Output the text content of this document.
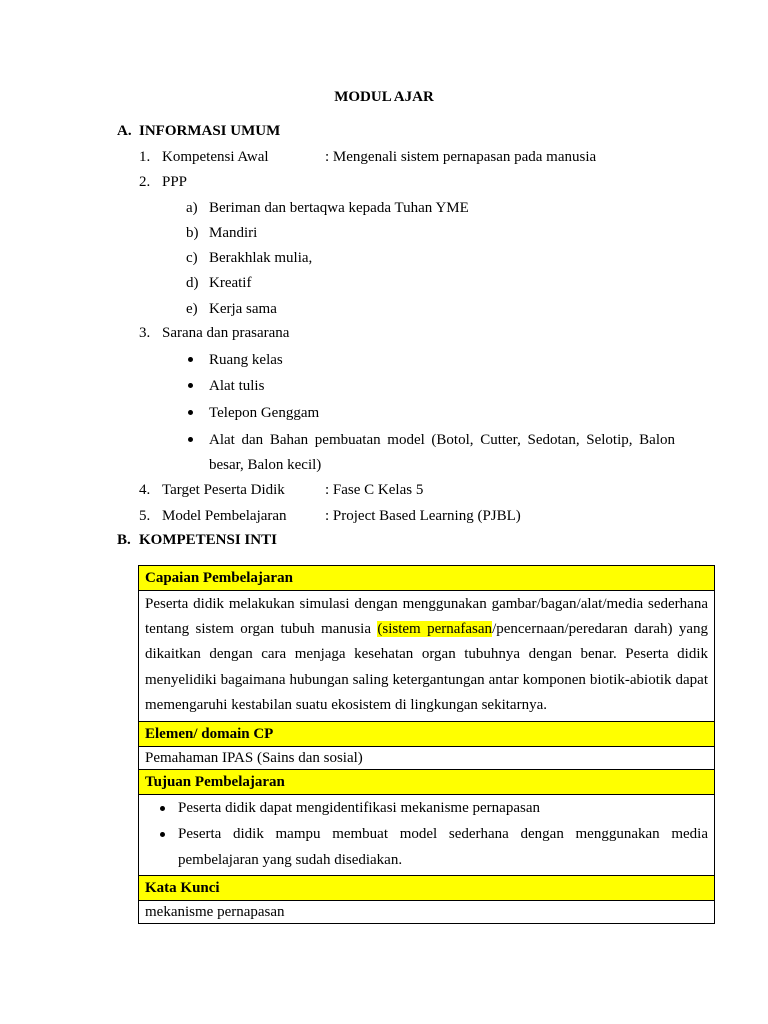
MODUL AJAR
A. INFORMASI UMUM
1. Kompetensi Awal	: Mengenali sistem pernapasan pada manusia
2. PPP
a) Beriman dan bertaqwa kepada Tuhan YME
b) Mandiri
c) Berakhlak mulia,
d) Kreatif
e) Kerja sama
3. Sarana dan prasarana
Ruang kelas
Alat tulis
Telepon Genggam
Alat dan Bahan pembuatan model (Botol, Cutter, Sedotan, Selotip, Balon
besar, Balon kecil)
4. Target Peserta Didik	: Fase C Kelas 5
5. Model Pembelajaran	: Project Based Learning (PJBL)
B. KOMPETENSI INTI
Capaian Pembelajaran
Peserta didik melakukan simulasi dengan menggunakan gambar/bagan/alat/media sederhana tentang sistem organ tubuh manusia (sistem pernafasan/pencernaan/peredaran darah) yang dikaitkan dengan cara menjaga kesehatan organ tubuhnya dengan benar. Peserta didik menyelidiki bagaimana hubungan saling ketergantungan antar komponen biotik-abiotik dapat memengaruhi kestabilan suatu ekosistem di lingkungan sekitarnya.
Elemen/ domain CP
Pemahaman IPAS (Sains dan sosial)
Tujuan Pembelajaran

Peserta didik dapat mengidentifikasi mekanisme pernapasan
Peserta didik mampu membuat model sederhana dengan menggunakan media pembelajaran yang sudah disediakan.

Kata Kunci
mekanisme pernapasan
